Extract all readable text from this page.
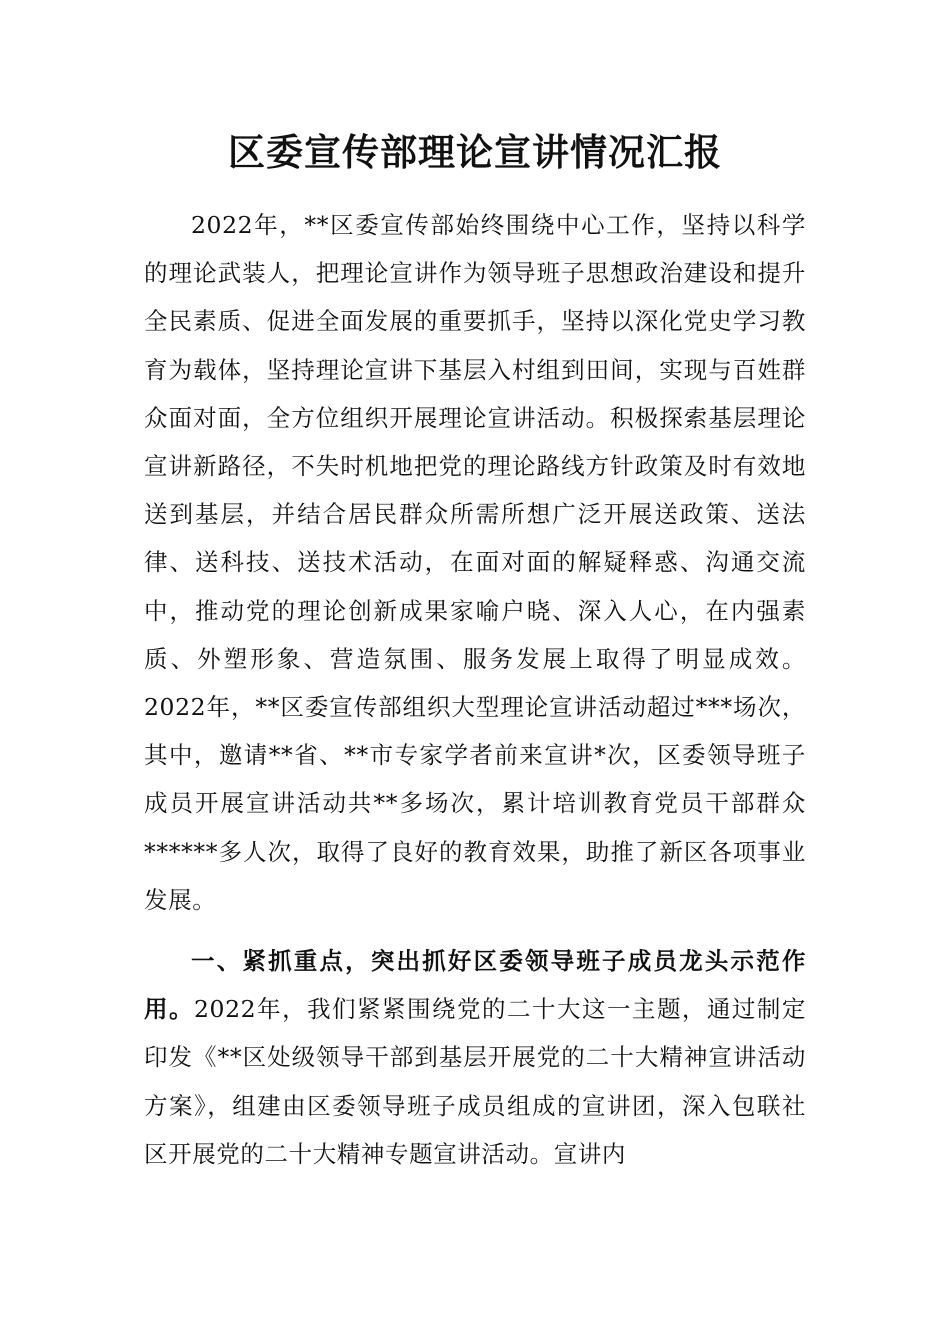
区委宣传部理论宣讲情况汇报

2022年，**区委宣传部始终围绕中心工作，坚持以科学的理论武装人，把理论宣讲作为领导班子思想政治建设和提升全民素质、促进全面发展的重要抓手，坚持以深化党史学习教育为载体，坚持理论宣讲下基层入村组到田间，实现与百姓群众面对面，全方位组织开展理论宣讲活动。积极探索基层理论宣讲新路径，不失时机地把党的理论路线方针政策及时有效地送到基层，并结合居民群众所需所想广泛开展送政策、送法律、送科技、送技术活动，在面对面的解疑释惑、沟通交流中，推动党的理论创新成果家喻户晓、深入人心，在内强素质、外塑形象、营造氛围、服务发展上取得了明显成效。2022年，**区委宣传部组织大型理论宣讲活动超过***场次，其中，邀请**省、**市专家学者前来宣讲*次，区委领导班子成员开展宣讲活动共**多场次，累计培训教育党员干部群众******多人次，取得了良好的教育效果，助推了新区各项事业发展。

一、紧抓重点，突出抓好区委领导班子成员龙头示范作用。2022年，我们紧紧围绕党的二十大这一主题，通过制定印发《**区处级领导干部到基层开展党的二十大精神宣讲活动方案》，组建由区委领导班子成员组成的宣讲团，深入包联社区开展党的二十大精神专题宣讲活动。宣讲内
